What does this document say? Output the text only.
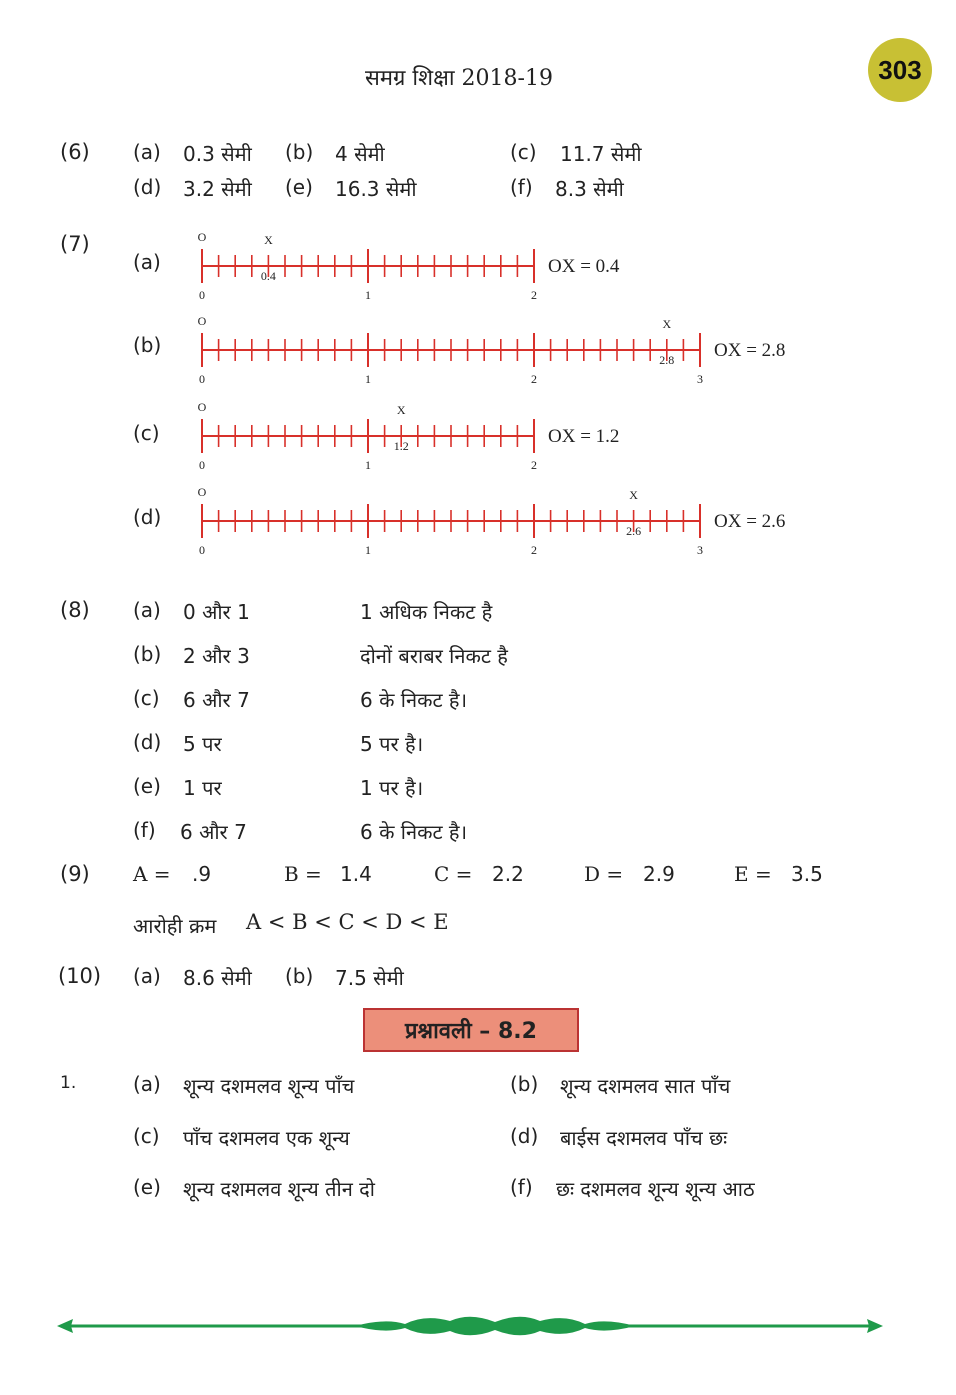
समग्र शिक्षा 2018-19	303
(6) (a) 0.3 सेमी (b) 4 सेमी	(c) 11.7 सेमी
(d) 3.2 सेमी (e) 16.3 सेमी	(f) 8.3 सेमी
(7)
(a)
(b)
(c)
(d)
0	1	2
O	X
0.4	OX = 0.4
0	1	2	3
O	X
2.8 OX = 2.8
0	1	2
O	X
1.2	OX = 1.2
0	1	2	3
O	X
2.6	OX = 2.6
(8) (a) 0 और 1	1 अधिक निकट है
(b) 2 और 3	दोनों बराबर निकट है
(c) 6 और 7	6 के निकट है।
(d) 5 पर	5 पर है।
(e) 1 पर	1 पर है।
(f) 6 और 7	6 के निकट है।
(9) A = .9	B = 1.4	C = 2.2	D = 2.9	E = 3.5
आरोही क्रम A < B < C < D < E
(10) (a) 8.6 सेमी (b) 7.5 सेमी
प्रश्नावली – 8.2
1.	(a) शून्य दशमलव शून्य पाँच	(b) शून्य दशमलव सात पाँच
(c) पाँच दशमलव एक शून्य	(d) बाईस दशमलव पाँच छः
(e) शून्य दशमलव शून्य तीन दो	(f) छः दशमलव शून्य शून्य आठ
